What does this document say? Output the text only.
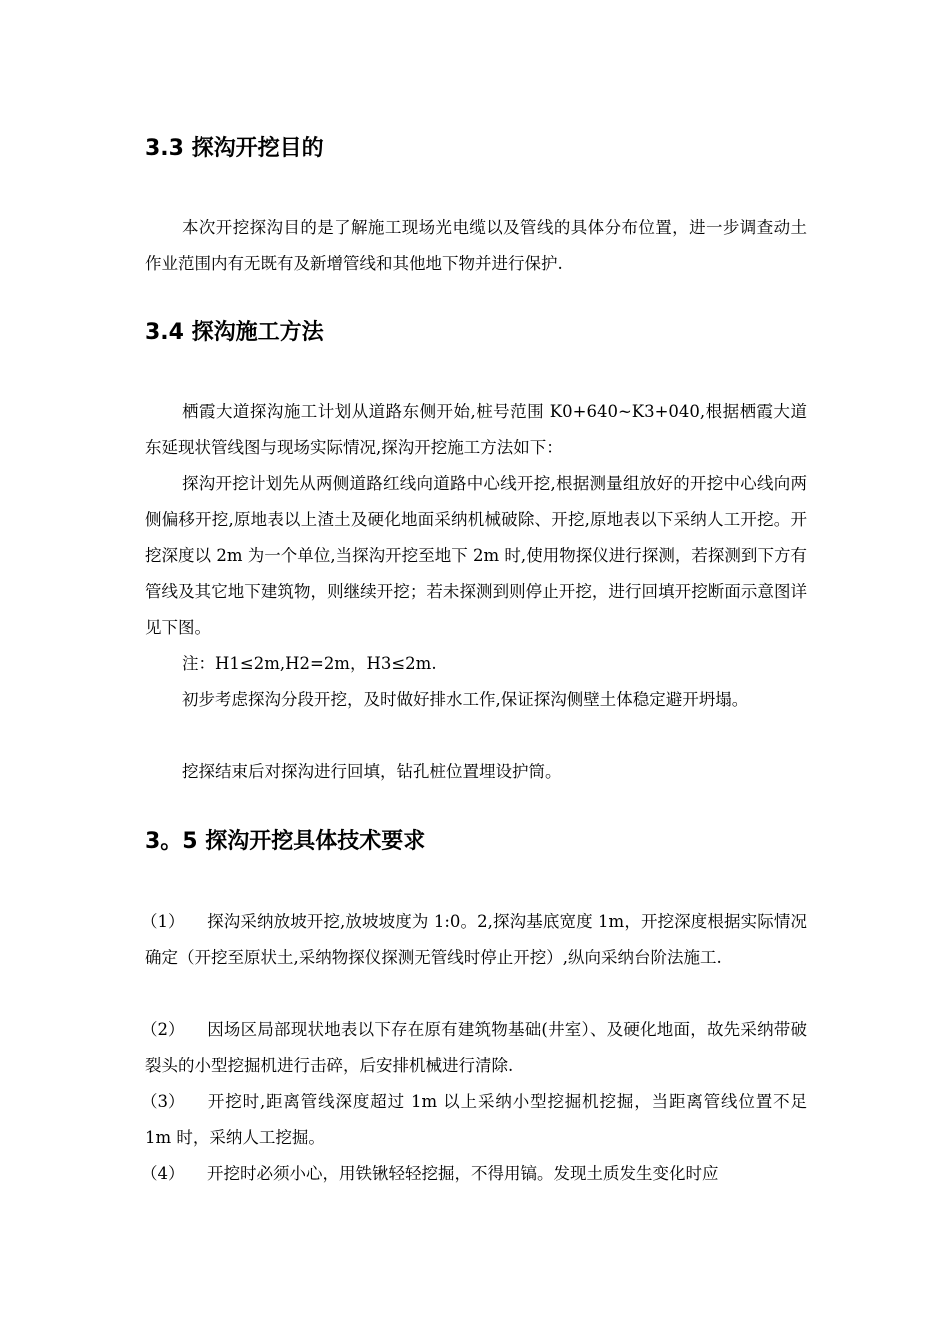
3.3 探沟开挖目的

本次开挖探沟目的是了解施工现场光电缆以及管线的具体分布位置，进一步调查动土作业范围内有无既有及新增管线和其他地下物并进行保护.

3.4 探沟施工方法

栖霞大道探沟施工计划从道路东侧开始,桩号范围 K0+640~K3+040,根据栖霞大道东延现状管线图与现场实际情况,探沟开挖施工方法如下：

探沟开挖计划先从两侧道路红线向道路中心线开挖,根据测量组放好的开挖中心线向两侧偏移开挖,原地表以上渣土及硬化地面采纳机械破除、开挖,原地表以下采纳人工开挖。开挖深度以 2m 为一个单位,当探沟开挖至地下 2m 时,使用物探仪进行探测，若探测到下方有管线及其它地下建筑物，则继续开挖；若未探测到则停止开挖，进行回填开挖断面示意图详见下图。

注：H1≤2m,H2=2m，H3≤2m.

初步考虑探沟分段开挖，及时做好排水工作,保证探沟侧壁土体稳定避开坍塌。

挖探结束后对探沟进行回填，钻孔桩位置埋设护筒。

3。5 探沟开挖具体技术要求

（1） 探沟采纳放坡开挖,放坡坡度为 1:0。2,探沟基底宽度 1m，开挖深度根据实际情况确定（开挖至原状土,采纳物探仪探测无管线时停止开挖）,纵向采纳台阶法施工.

（2） 因场区局部现状地表以下存在原有建筑物基础(井室）、及硬化地面，故先采纳带破裂头的小型挖掘机进行击碎，后安排机械进行清除.

（3） 开挖时,距离管线深度超过 1m 以上采纳小型挖掘机挖掘，当距离管线位置不足 1m 时，采纳人工挖掘。

（4） 开挖时必须小心，用铁锹轻轻挖掘，不得用镐。发现土质发生变化时应
